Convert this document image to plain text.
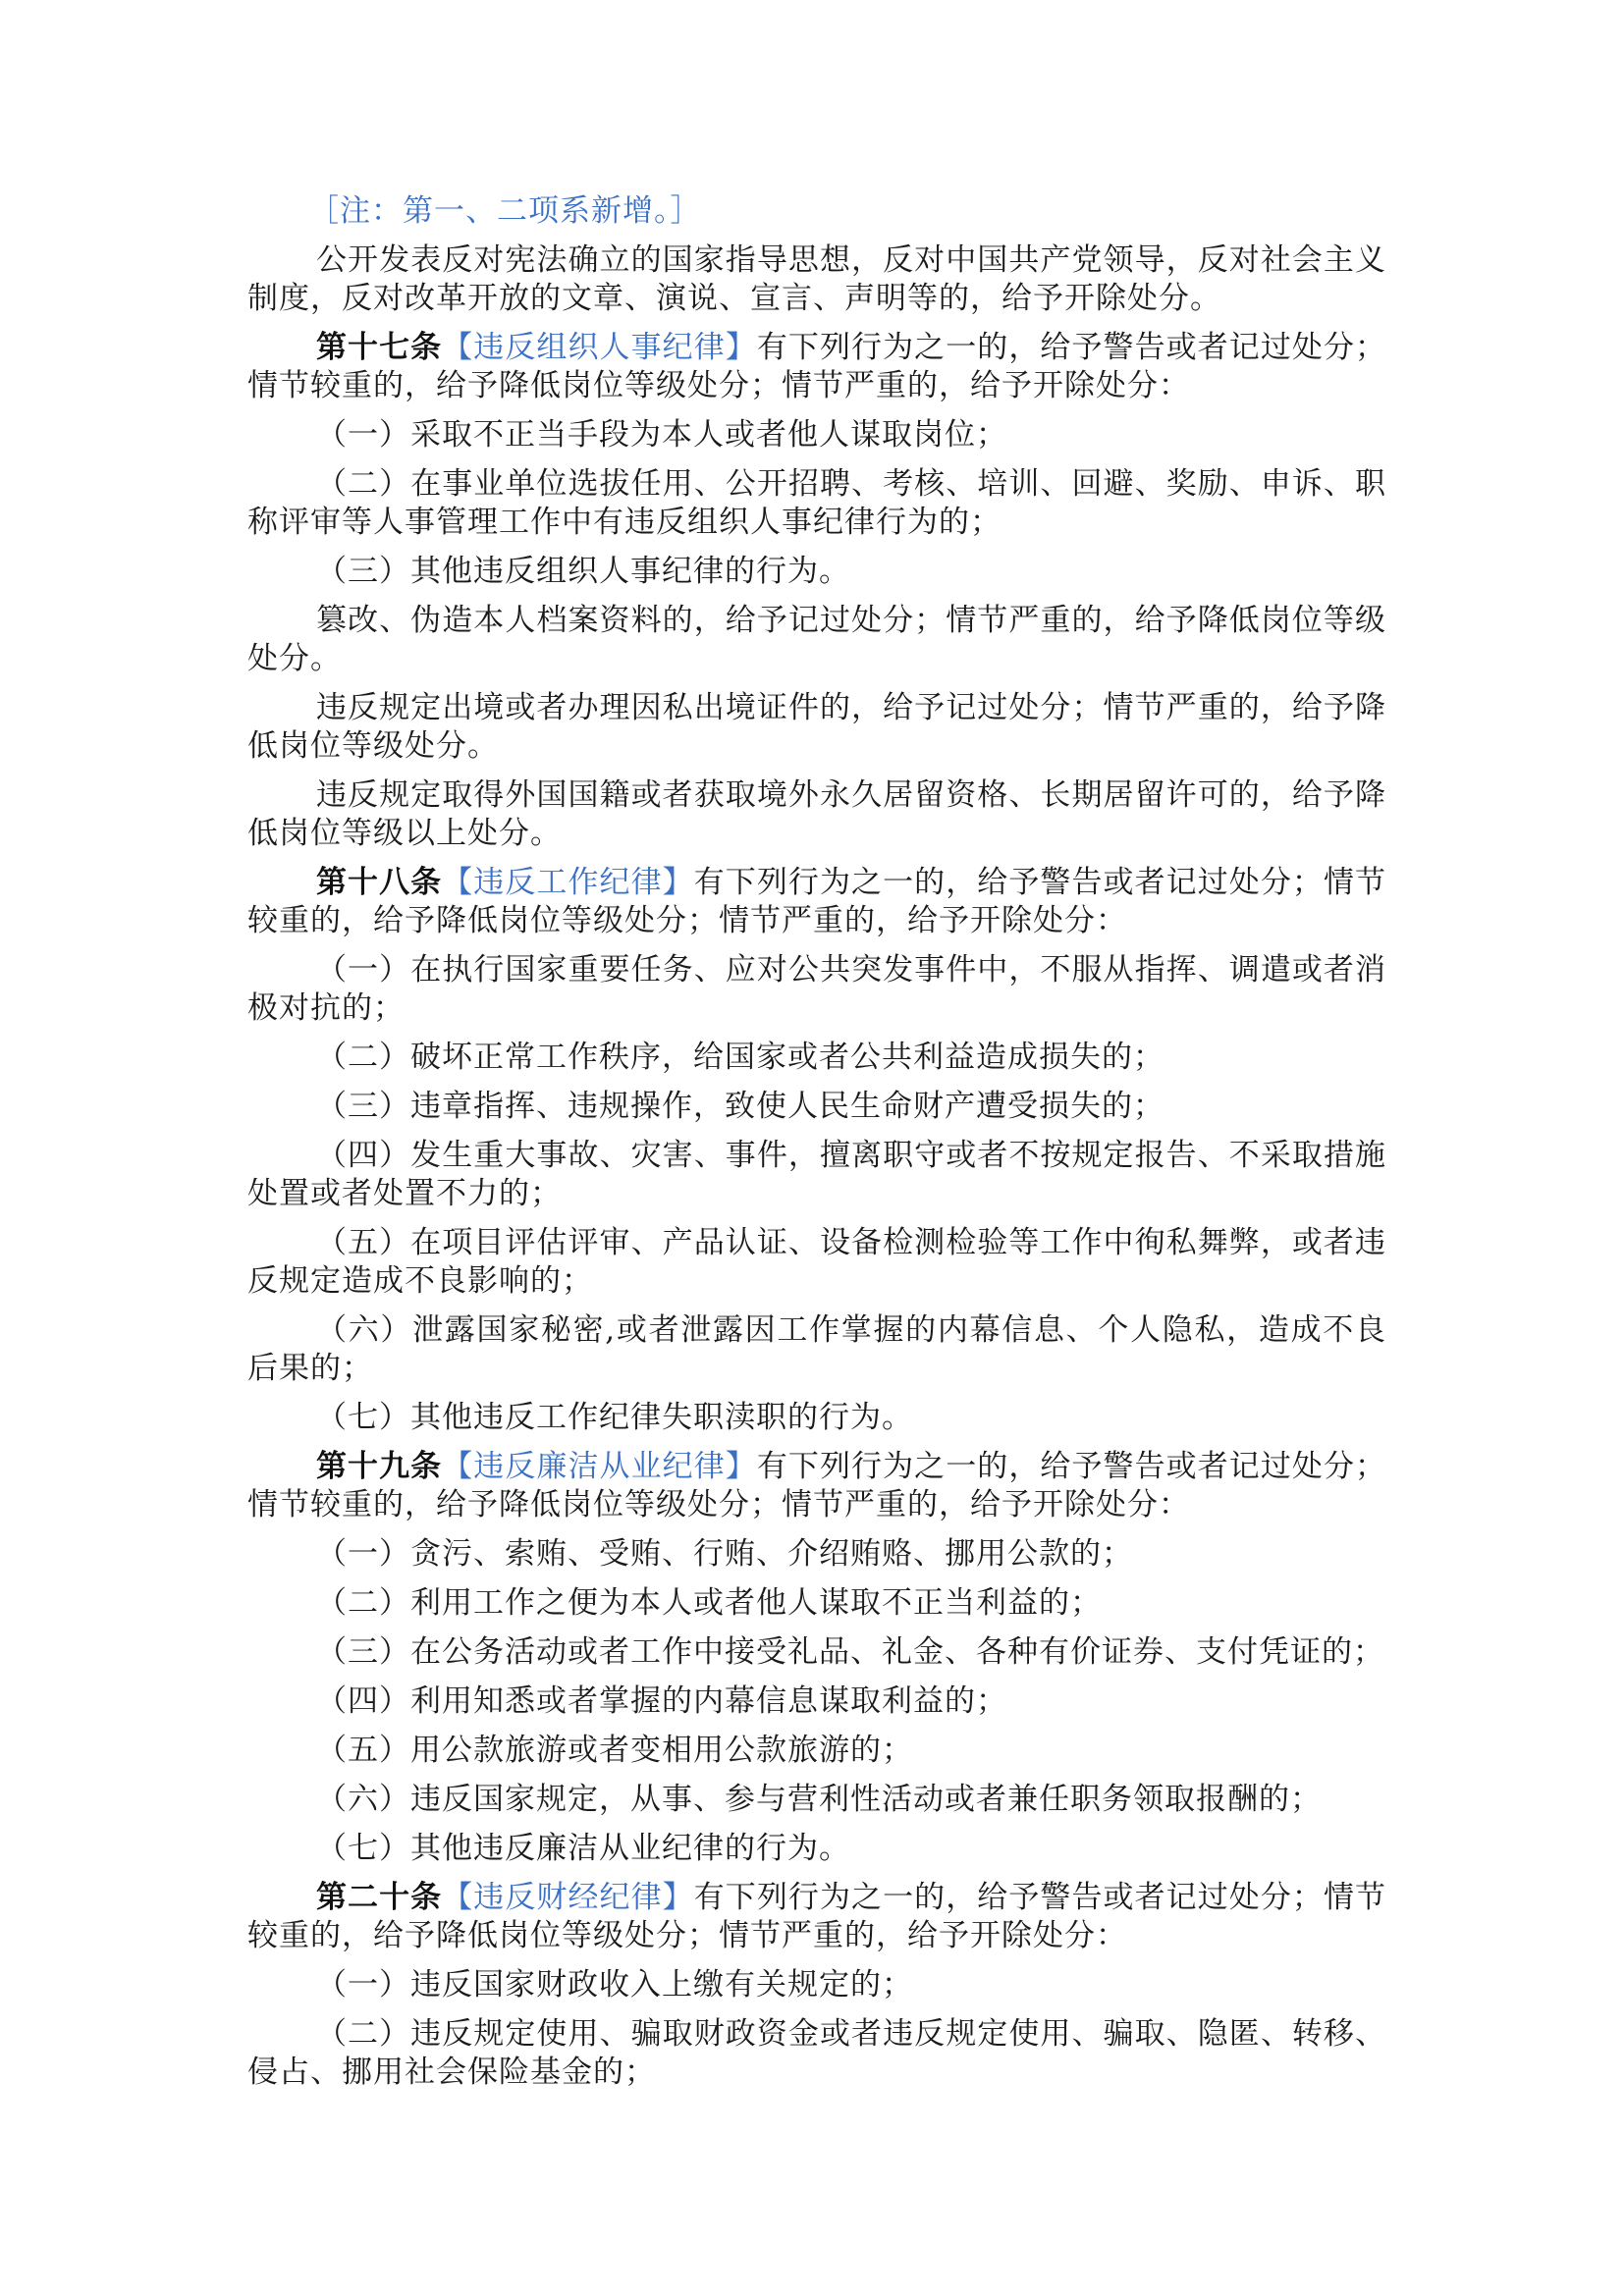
［注：第一、二项系新增。］

公开发表反对宪法确立的国家指导思想，反对中国共产党领导，反对社会主义制度，反对改革开放的文章、演说、宣言、声明等的，给予开除处分。

第十七条【违反组织人事纪律】有下列行为之一的，给予警告或者记过处分；情节较重的，给予降低岗位等级处分；情节严重的，给予开除处分：

（一）采取不正当手段为本人或者他人谋取岗位；

（二）在事业单位选拔任用、公开招聘、考核、培训、回避、奖励、申诉、职称评审等人事管理工作中有违反组织人事纪律行为的；

（三）其他违反组织人事纪律的行为。

篡改、伪造本人档案资料的，给予记过处分；情节严重的，给予降低岗位等级处分。

违反规定出境或者办理因私出境证件的，给予记过处分；情节严重的，给予降低岗位等级处分。

违反规定取得外国国籍或者获取境外永久居留资格、长期居留许可的，给予降低岗位等级以上处分。

第十八条【违反工作纪律】有下列行为之一的，给予警告或者记过处分；情节较重的，给予降低岗位等级处分；情节严重的，给予开除处分：

（一）在执行国家重要任务、应对公共突发事件中，不服从指挥、调遣或者消极对抗的；

（二）破坏正常工作秩序，给国家或者公共利益造成损失的；

（三）违章指挥、违规操作，致使人民生命财产遭受损失的；

（四）发生重大事故、灾害、事件，擅离职守或者不按规定报告、不采取措施处置或者处置不力的；

（五）在项目评估评审、产品认证、设备检测检验等工作中徇私舞弊，或者违反规定造成不良影响的；

（六）泄露国家秘密,或者泄露因工作掌握的内幕信息、个人隐私，造成不良后果的；

（七）其他违反工作纪律失职渎职的行为。

第十九条【违反廉洁从业纪律】有下列行为之一的，给予警告或者记过处分；情节较重的，给予降低岗位等级处分；情节严重的，给予开除处分：

（一）贪污、索贿、受贿、行贿、介绍贿赂、挪用公款的；

（二）利用工作之便为本人或者他人谋取不正当利益的；

（三）在公务活动或者工作中接受礼品、礼金、各种有价证券、支付凭证的；

（四）利用知悉或者掌握的内幕信息谋取利益的；

（五）用公款旅游或者变相用公款旅游的；

（六）违反国家规定，从事、参与营利性活动或者兼任职务领取报酬的；

（七）其他违反廉洁从业纪律的行为。

第二十条【违反财经纪律】有下列行为之一的，给予警告或者记过处分；情节较重的，给予降低岗位等级处分；情节严重的，给予开除处分：

（一）违反国家财政收入上缴有关规定的；

（二）违反规定使用、骗取财政资金或者违反规定使用、骗取、隐匿、转移、侵占、挪用社会保险基金的；
